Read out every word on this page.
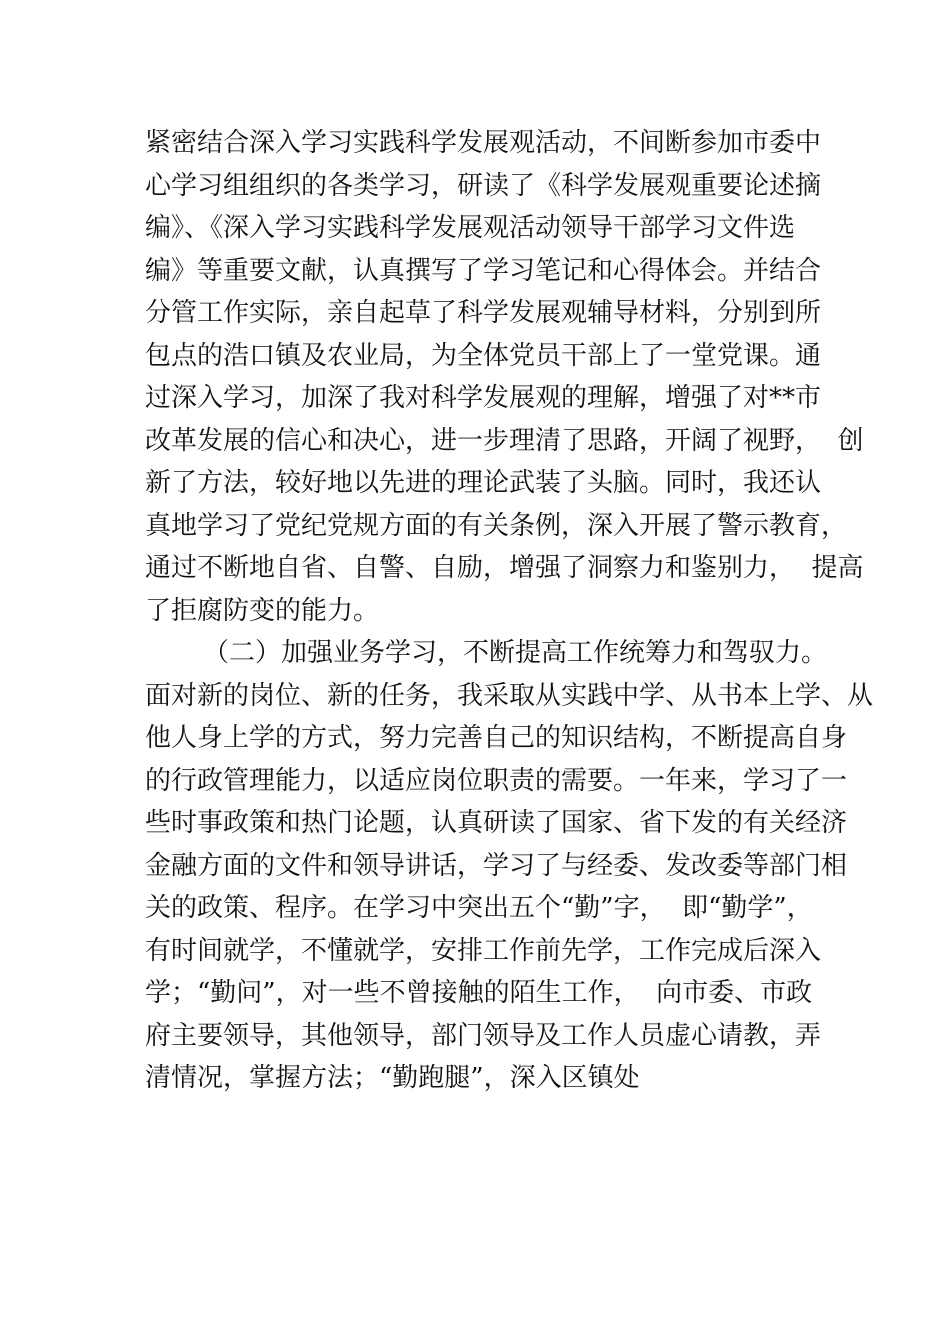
紧密结合深入学习实践科学发展观活动，不间断参加市委中
心学习组组织的各类学习，研读了《科学发展观重要论述摘
编》、《深入学习实践科学发展观活动领导干部学习文件选
编》等重要文献，认真撰写了学习笔记和心得体会。并结合
分管工作实际，亲自起草了科学发展观辅导材料，分别到所
包点的浩口镇及农业局，为全体党员干部上了一堂党课。通
过深入学习，加深了我对科学发展观的理解，增强了对**市
改革发展的信心和决心，进一步理清了思路，开阔了视野，  创
新了方法，较好地以先进的理论武装了头脑。同时，我还认
真地学习了党纪党规方面的有关条例，深入开展了警示教育，
通过不断地自省、自警、自励，增强了洞察力和鉴别力，  提高
了拒腐防变的能力。
（二）加强业务学习，不断提高工作统筹力和驾驭力。
面对新的岗位、新的任务，我采取从实践中学、从书本上学、从
他人身上学的方式，努力完善自己的知识结构，不断提高自身
的行政管理能力，以适应岗位职责的需要。一年来，学习了一
些时事政策和热门论题，认真研读了国家、省下发的有关经济
金融方面的文件和领导讲话，学习了与经委、发改委等部门相
关的政策、程序。在学习中突出五个“勤”字，  即“勤学”，
有时间就学，不懂就学，安排工作前先学，工作完成后深入
学；“勤问”，对一些不曾接触的陌生工作，  向市委、市政
府主要领导，其他领导，部门领导及工作人员虚心请教，弄
清情况，掌握方法；“勤跑腿”，深入区镇处
